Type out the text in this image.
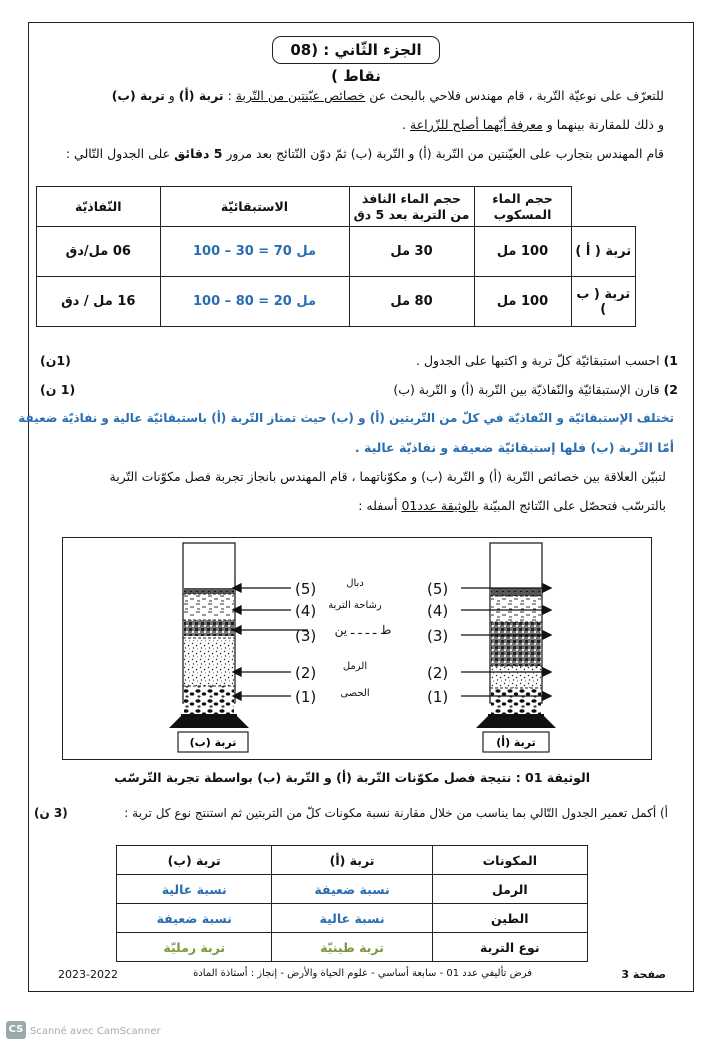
الجزء الثّاني : (08 نقاط )
للتعرّف على نوعيّة التّربة ، قام مهندس فلاحي بالبحث عن خصائص عيّنتين من التّربة : تربة (أ) و تربة (ب)
و ذلك للمقارنة بينهما و معرفة أيّهما أصلح للزّراعة .
قام المهندس بتجارب على العيّنتين من التّربة (أ) و التّربة (ب) ثمّ دوّن النّتائج بعد مرور 5 دقائق على الجدول التّالي :
	حجم الماء المسكوب	حجم الماء النافذ من التربة بعد 5 دق	الاستبقائيّة	النّفاذيّة
تربة ( أ )	100 مل	30 مل	مل 70 = 30 – 100	06 مل/دق
تربة ( ب )	100 مل	80 مل	مل 20 = 80 – 100	16 مل / دق
1) احسب استبقائيّة كلّ تربة و اكتبها على الجدول .
(1ن)
2) قارن الإستبقائيّة والنّفاذيّة بين التّربة (أ) و التّربة (ب)
(1 ن)
تختلف الإستبقائيّة و النّفاذيّة في كلّ من التّربتين (أ) و (ب) حيث تمتاز التّربة (أ) باستبقائيّة عالية و نفاذيّة ضعيفة
أمّا التّربة (ب) فلها إستبقائيّة ضعيفة و نفاذيّة عالية .
لتبيّن العلاقة بين خصائص التّربة (أ) و التّربة (ب) و مكوّناتهما ، قام المهندس بانجاز تجربة فصل مكوّنات التّربة
بالترسّب فتحصّل على النّتائج المبيّنة بالوثيقة عدد01 أسفله :
(5)
(4)
(3)
(2)
(1)
(5)
(4)
(3)
(2)
(1)
دبال
رشاحة التربة
ط ـ ـ ـ ـ ين
الرمل
الحصى
تربة (ب)	تربة (أ)
الوثيقة 01 : نتيجة فصل مكوّنات التّربة (أ) و التّربة (ب) بواسطة تجربة التّرسّب
أ) أكمل تعمير الجدول التّالي بما يناسب من خلال مقارنة نسبة مكونات كلّ من التربتين ثم استنتج نوع كل تربة :
(3 ن)
المكونات	تربة (أ)	تربة (ب)
الرمل	نسبة ضعيفة	نسبة عالية
الطين	نسبة عالية	نسبة ضعيفة
نوع التربة	تربة طينيّة	تربة رمليّة
صفحة 3
فرض تأليفي عدد 01 - سابعة أساسي - علوم الحياة والأرض - إنجاز : أستاذة المادة
2023-2022
CS Scanné avec CamScanner
